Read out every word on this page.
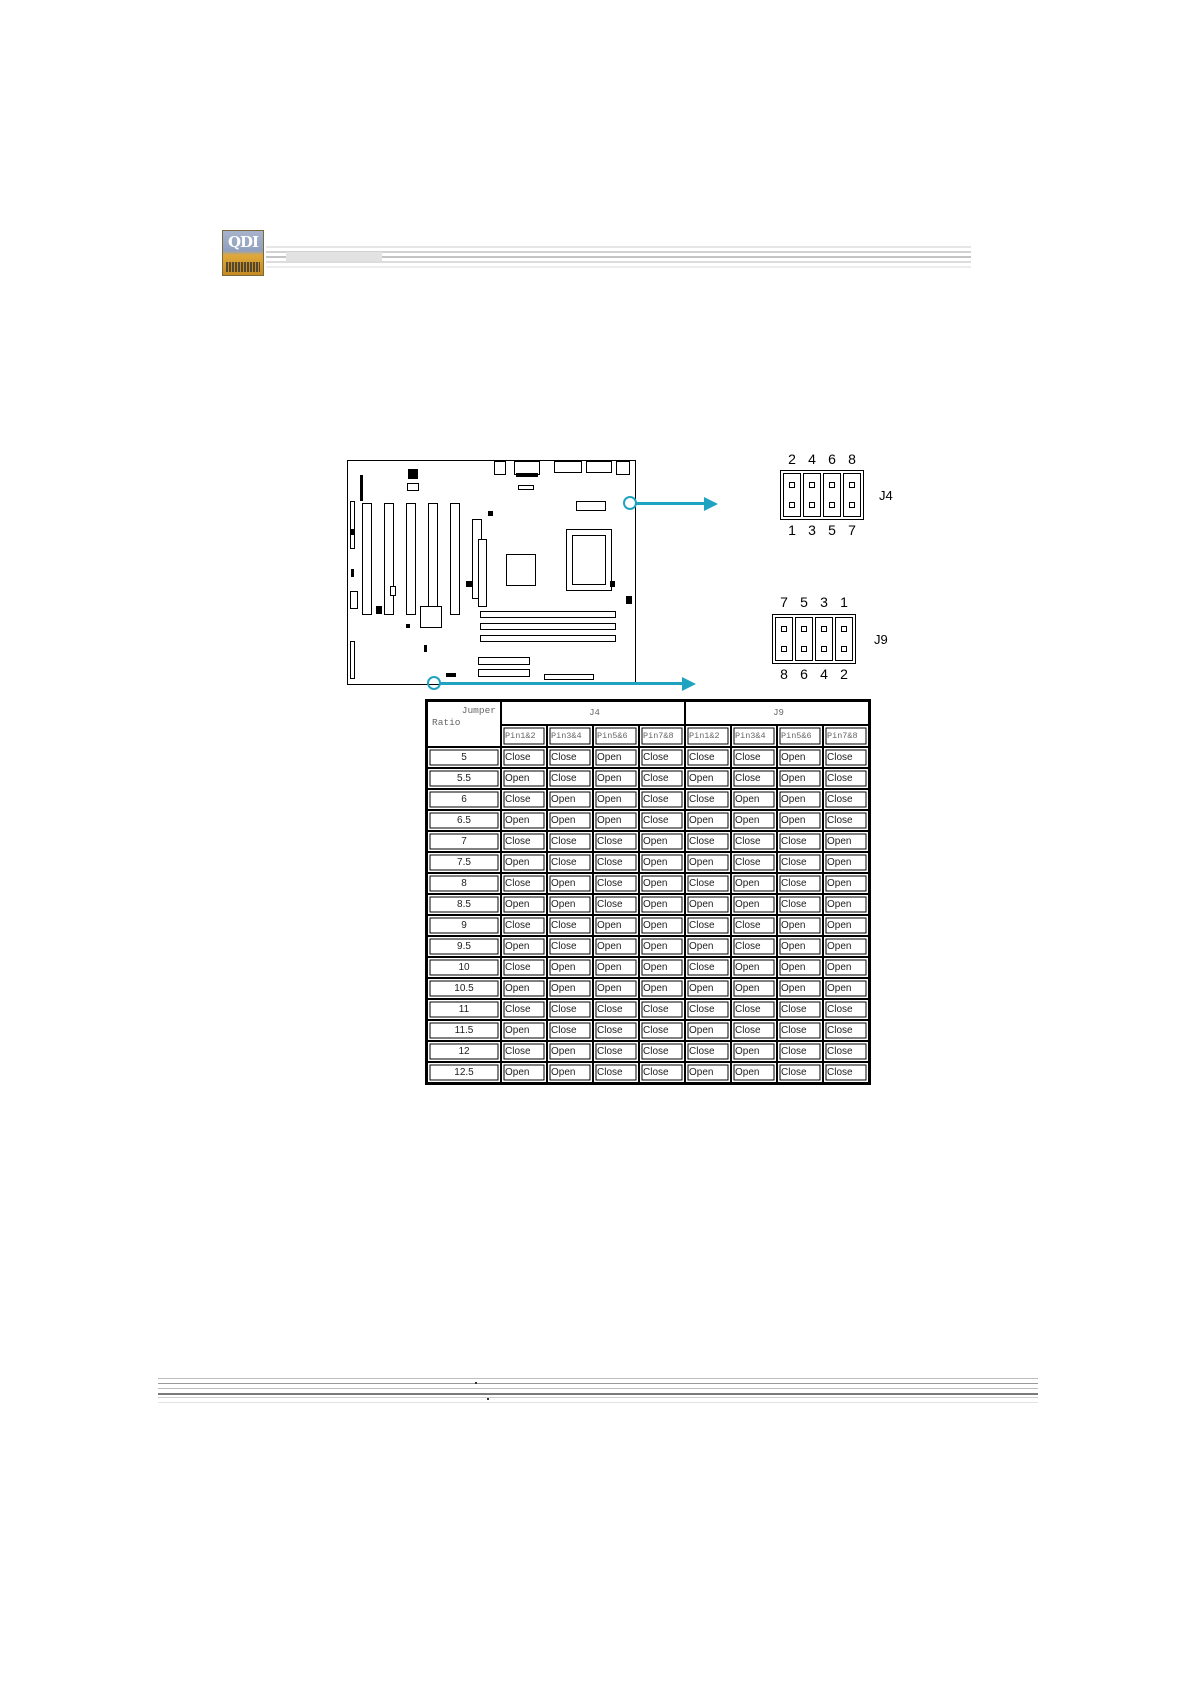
QDI
2 4 6 8
1 3 5 7
J4
7 5 3 1
8 6 4 2
J9
Jumper
Ratio	J4				J9			
	Pin1&2	Pin3&4	Pin5&6	Pin7&8	Pin1&2	Pin3&4	Pin5&6	Pin7&8
5	Close	Close	Open	Close	Close	Close	Open	Close
5.5	Open	Close	Open	Close	Open	Close	Open	Close
6	Close	Open	Open	Close	Close	Open	Open	Close
6.5	Open	Open	Open	Close	Open	Open	Open	Close
7	Close	Close	Close	Open	Close	Close	Close	Open
7.5	Open	Close	Close	Open	Open	Close	Close	Open
8	Close	Open	Close	Open	Close	Open	Close	Open
8.5	Open	Open	Close	Open	Open	Open	Close	Open
9	Close	Close	Open	Open	Close	Close	Open	Open
9.5	Open	Close	Open	Open	Open	Close	Open	Open
10	Close	Open	Open	Open	Close	Open	Open	Open
10.5	Open	Open	Open	Open	Open	Open	Open	Open
11	Close	Close	Close	Close	Close	Close	Close	Close
11.5	Open	Close	Close	Close	Open	Close	Close	Close
12	Close	Open	Close	Close	Close	Open	Close	Close
12.5	Open	Open	Close	Close	Open	Open	Close	Close
